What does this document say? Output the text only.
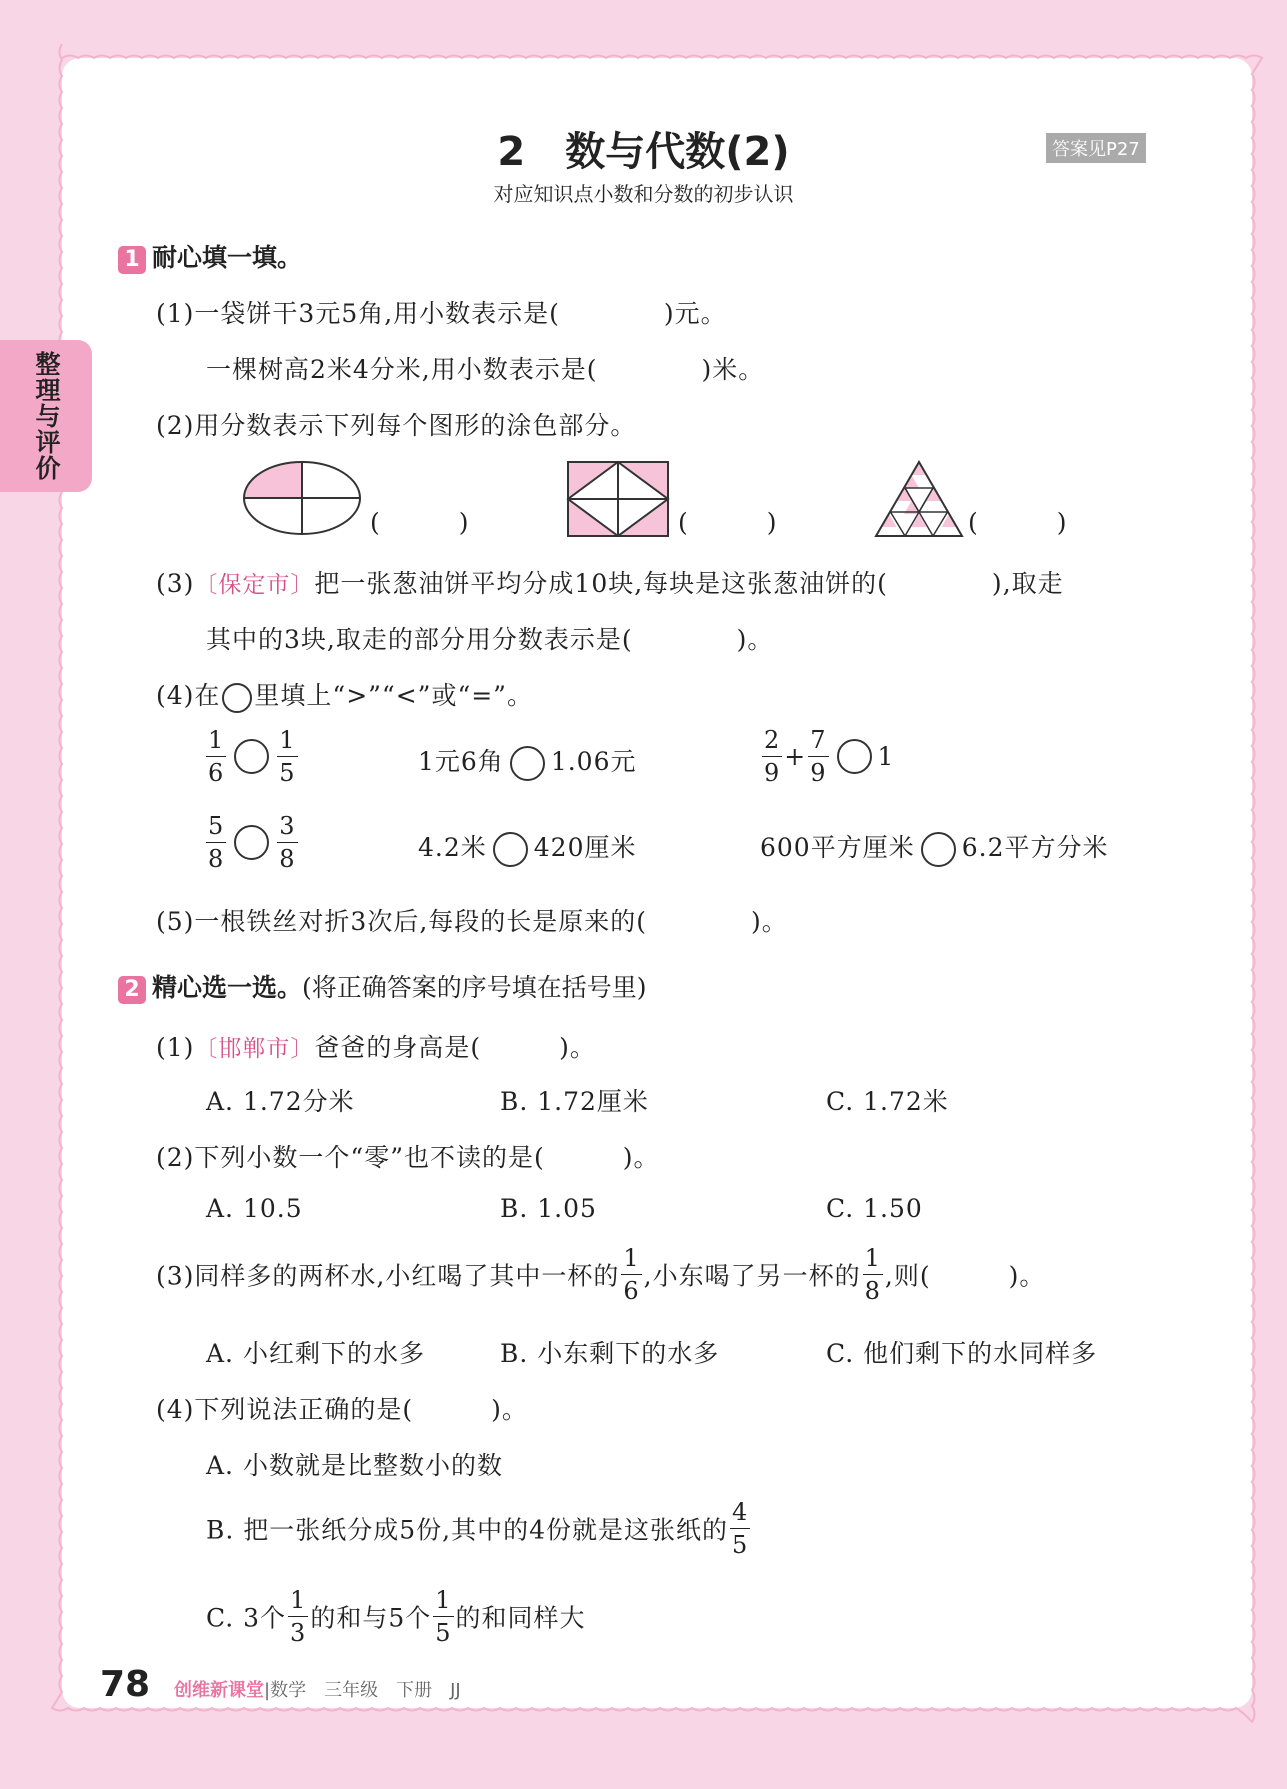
整理与评价
2　数与代数(2)	答案见P27
对应知识点小数和分数的初步认识
1 耐心填一填。
(1)一袋饼干3元5角,用小数表示是(　　　　)元。
一棵树高2米4分米,用小数表示是(　　　　)米。
(2)用分数表示下列每个图形的涂色部分。
(　　　)	(　　　)	(　　　)
(3)〔保定市〕把一张葱油饼平均分成10块,每块是这张葱油饼的(　　　　),取走
其中的3块,取走的部分用分数表示是(　　　　)。
(4)在 里填上“>”“<”或“=”。
$\frac{1}{6} \frac{1}{5}$	1元6角 1.06元	$\frac{2}{9} + \frac{7}{9} 1$
$\frac{5}{8} \frac{3}{8}$	4.2米 420厘米	600平方厘米 6.2平方分米
(5)一根铁丝对折3次后,每段的长是原来的(　　　　)。
2 精心选一选。(将正确答案的序号填在括号里)
(1)〔邯郸市〕爸爸的身高是(　　　)。
A. 1.72分米	B. 1.72厘米	C. 1.72米
(2)下列小数一个“零”也不读的是(　　　)。
A. 10.5	B. 1.05	C. 1.50
(3)同样多的两杯水,小红喝了其中一杯的 $\frac{1}{6}$ ,小东喝了另一杯的 $\frac{1}{8}$ ,则(　　　)。
A. 小红剩下的水多	B. 小东剩下的水多	C. 他们剩下的水同样多
(4)下列说法正确的是(　　　)。
A. 小数就是比整数小的数
B. 把一张纸分成5份,其中的4份就是这张纸的 $\frac{4}{5}$
C. 3个 $\frac{1}{3}$ 的和与5个 $\frac{1}{5}$ 的和同样大
78 创维新课堂|数学　三年级　下册　JJ
